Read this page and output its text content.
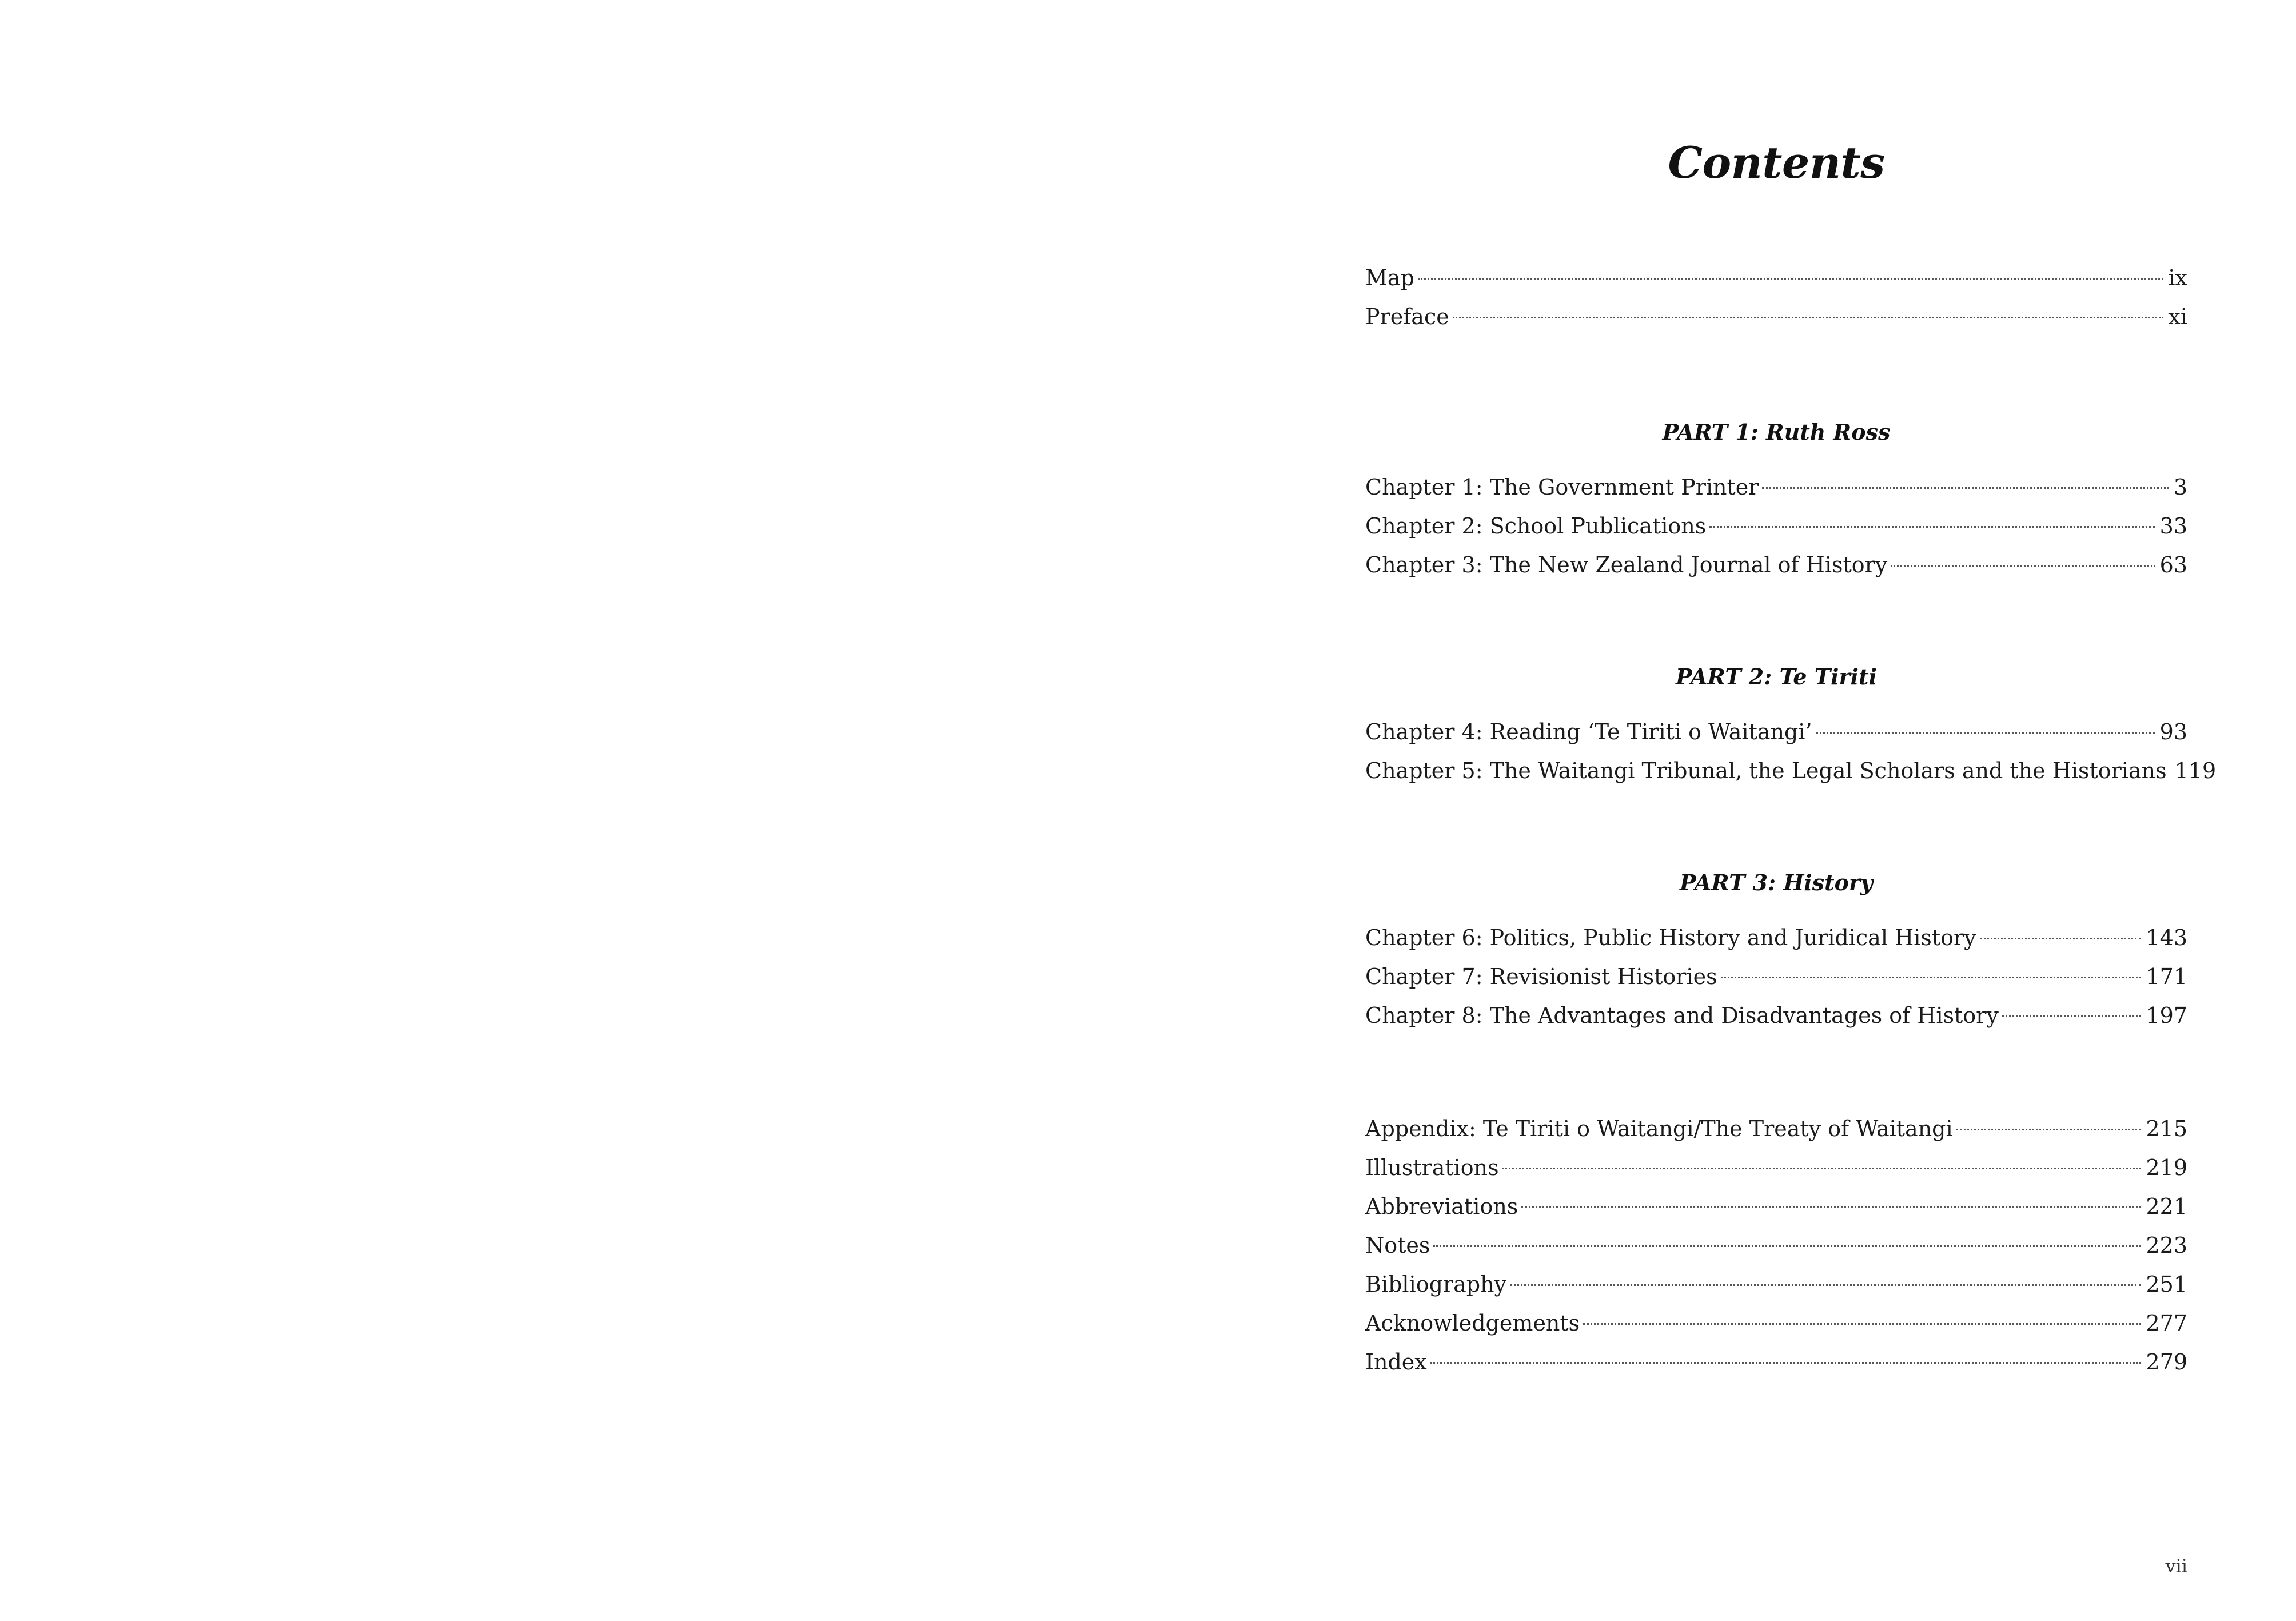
Contents
Map	ix
Preface	xi
PART 1: Ruth Ross
Chapter 1: The Government Printer	3
Chapter 2: School Publications	33
Chapter 3: The New Zealand Journal of History	63
PART 2: Te Tiriti
Chapter 4: Reading ‘Te Tiriti o Waitangi’	93
Chapter 5: The Waitangi Tribunal, the Legal Scholars and the Historians 119
PART 3: History
Chapter 6: Politics, Public History and Juridical History	143
Chapter 7: Revisionist Histories	171
Chapter 8: The Advantages and Disadvantages of History	197
Appendix: Te Tiriti o Waitangi/The Treaty of Waitangi	215
Illustrations	219
Abbreviations	221
Notes	223
Bibliography	251
Acknowledgements	277
Index	279
vii
